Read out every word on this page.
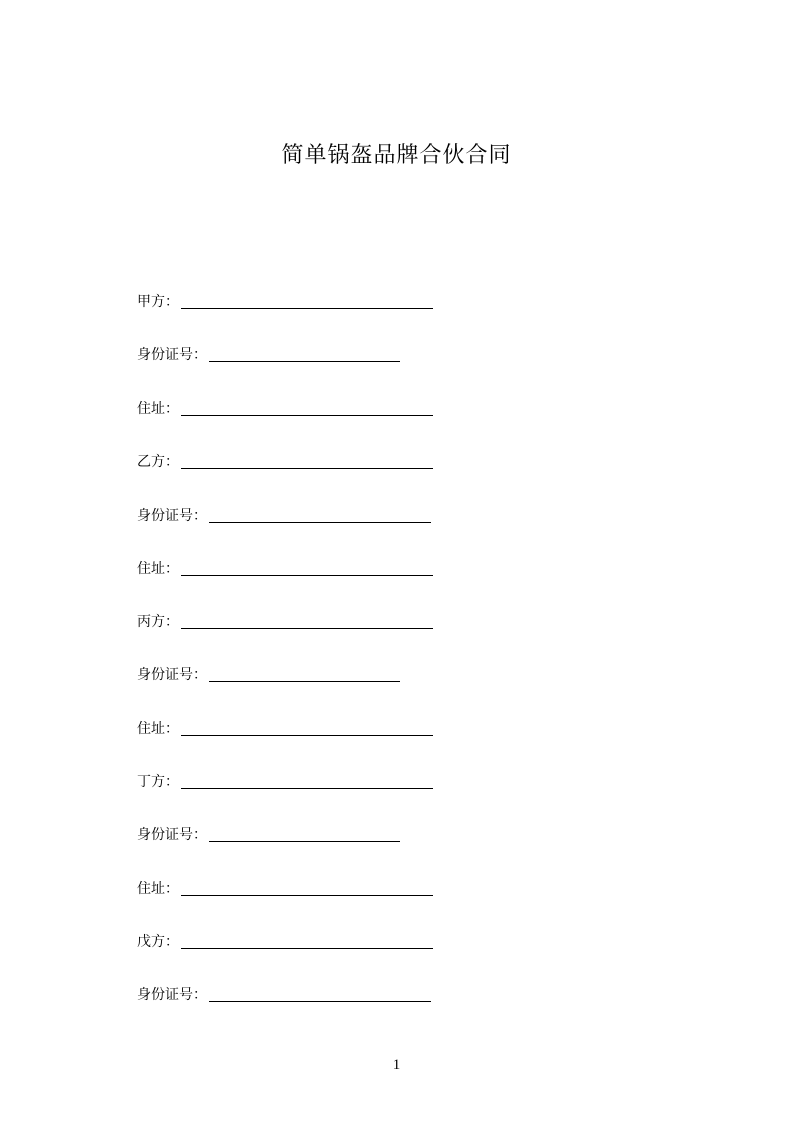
简单锅盔品牌合伙合同
甲方：
身份证号：
住址：
乙方：
身份证号：
住址：
丙方：
身份证号：
住址：
丁方：
身份证号：
住址：
戊方：
身份证号：
1
